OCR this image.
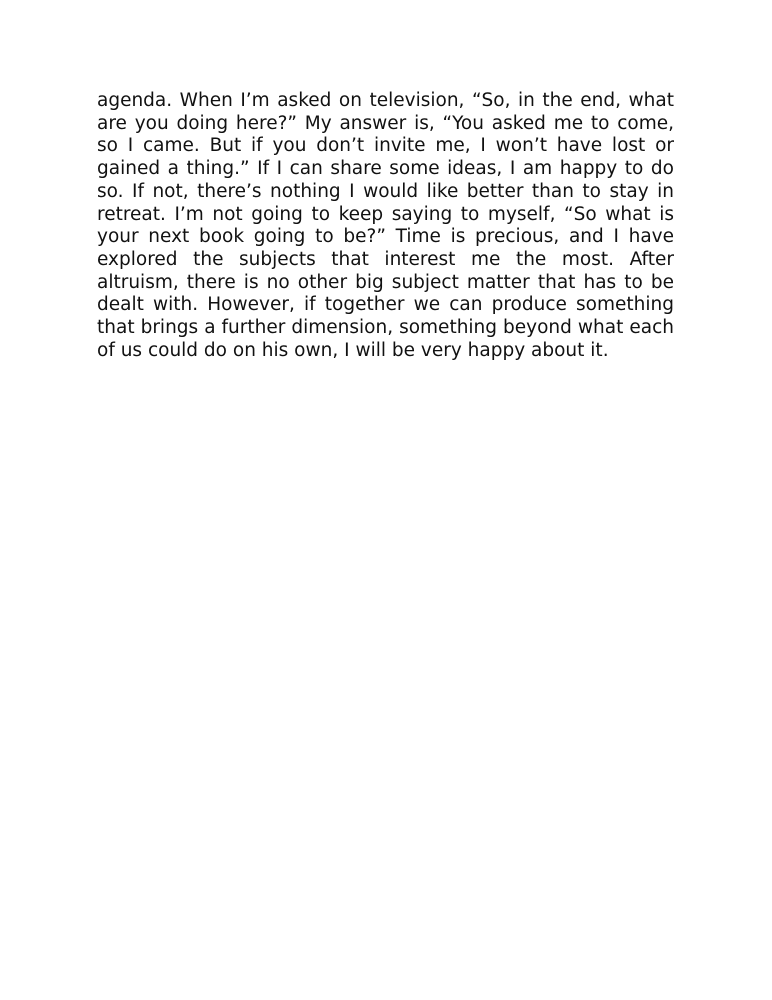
agenda. When I’m asked on television, “So, in the end, what are you doing here?” My answer is, “You asked me to come, so I came. But if you don’t invite me, I won’t have lost or gained a thing.” If I can share some ideas, I am happy to do so. If not, there’s nothing I would like better than to stay in retreat. I’m not going to keep saying to myself, “So what is your next book going to be?” Time is precious, and I have explored the subjects that interest me the most. After altruism, there is no other big subject matter that has to be dealt with. However, if together we can produce something that brings a further dimension, something beyond what each of us could do on his own, I will be very happy about it.
